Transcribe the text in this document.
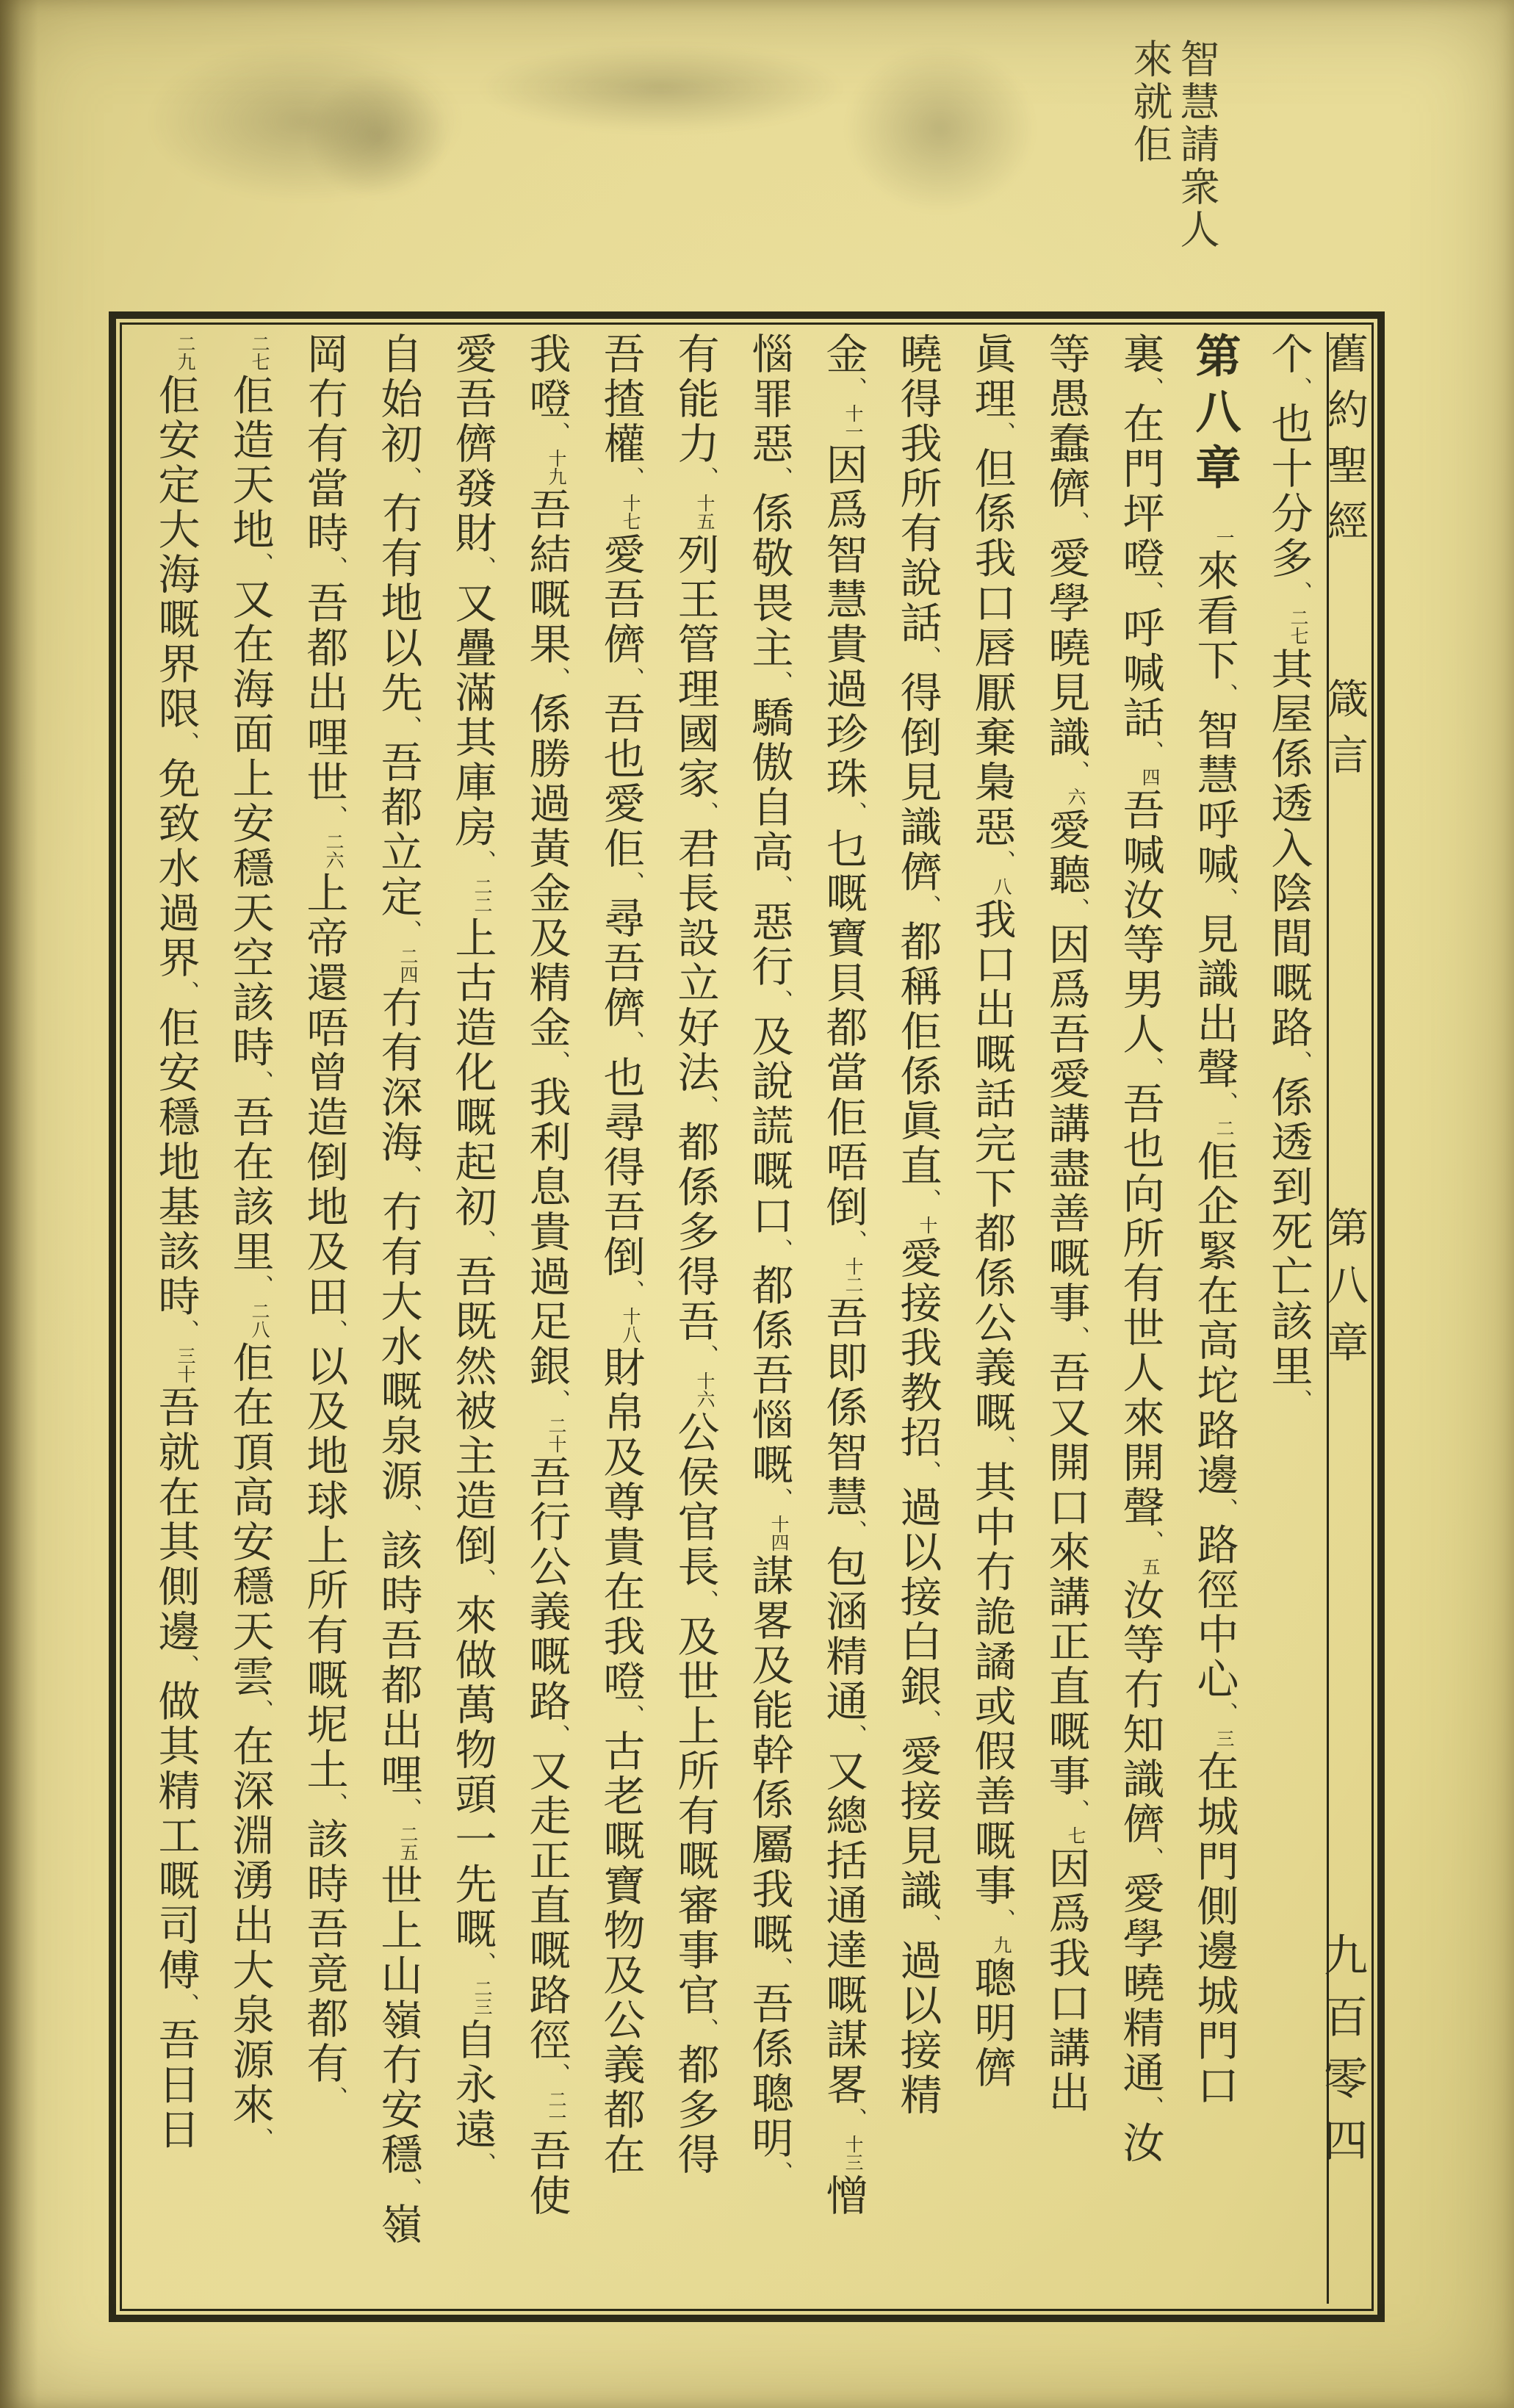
智慧請衆人
來就佢
舊約聖經
箴言
第八章
九百零四
个、也十分多、二七其屋係透入陰間嘅路、係透到死亡該里、
第八章一來看下、智慧呼喊、見識出聲、二佢企緊在高坨路邊、路徑中心、三在城門側邊城門口
裏、在門坪噔、呼喊話、四吾喊汝等男人、吾也向所有世人來開聲、五汝等冇知識儕、愛學曉精通、汝
等愚蠢儕、愛學曉見識、六愛聽、因爲吾愛講盡善嘅事、吾又開口來講正直嘅事、七因爲我口講出
眞理、但係我口唇厭棄梟惡、八我口出嘅話完下都係公義嘅、其中冇詭譎或假善嘅事、九聰明儕
曉得我所有說話、得倒見識儕、都稱佢係眞直、十愛接我教招、過以接白銀、愛接見識、過以接精
金、十一因爲智慧貴過珍珠、乜嘅寶貝都當佢唔倒、十二吾即係智慧、包涵精通、又總括通達嘅謀畧、十三憎
惱罪惡、係敬畏主、驕傲自高、惡行、及說謊嘅口、都係吾惱嘅、十四謀畧及能幹係屬我嘅、吾係聰明、
有能力、十五列王管理國家、君長設立好法、都係多得吾、十六公侯官長、及世上所有嘅審事官、都多得
吾揸權、十七愛吾儕、吾也愛佢、尋吾儕、也尋得吾倒、十八財帛及尊貴在我噔、古老嘅寶物及公義都在
我噔、十九吾結嘅果、係勝過黃金及精金、我利息貴過足銀、二十吾行公義嘅路、又走正直嘅路徑、二一吾使
愛吾儕發財、又疊滿其庫房、二二上古造化嘅起初、吾既然被主造倒、來做萬物頭一先嘅、二三自永遠、
自始初、冇有地以先、吾都立定、二四冇有深海、冇有大水嘅泉源、該時吾都出哩、二五世上山嶺冇安穩、嶺
岡冇有當時、吾都出哩世、二六上帝還唔曾造倒地及田、以及地球上所有嘅坭土、該時吾竟都有、
二七佢造天地、又在海面上安穩天空該時、吾在該里、二八佢在頂高安穩天雲、在深淵湧出大泉源來、
二九佢安定大海嘅界限、免致水過界、佢安穩地基該時、三十吾就在其側邊、做其精工嘅司傅、吾日日
